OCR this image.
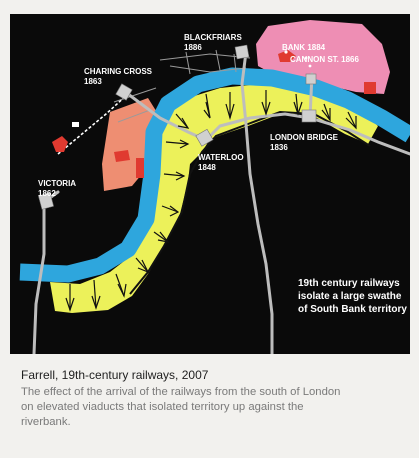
BLACKFRIARS
1886	BANK 1884
CANNON ST. 1866
CHARING CROSS
1863
WATERLOO
1848
LONDON BRIDGE
1836
VICTORIA
1862
19th century railways
isolate a large swathe
of South Bank territory

Farrell, 19th-century railways, 2007

The effect of the arrival of the railways from the south of London on elevated viaducts that isolated territory up against the riverbank.
